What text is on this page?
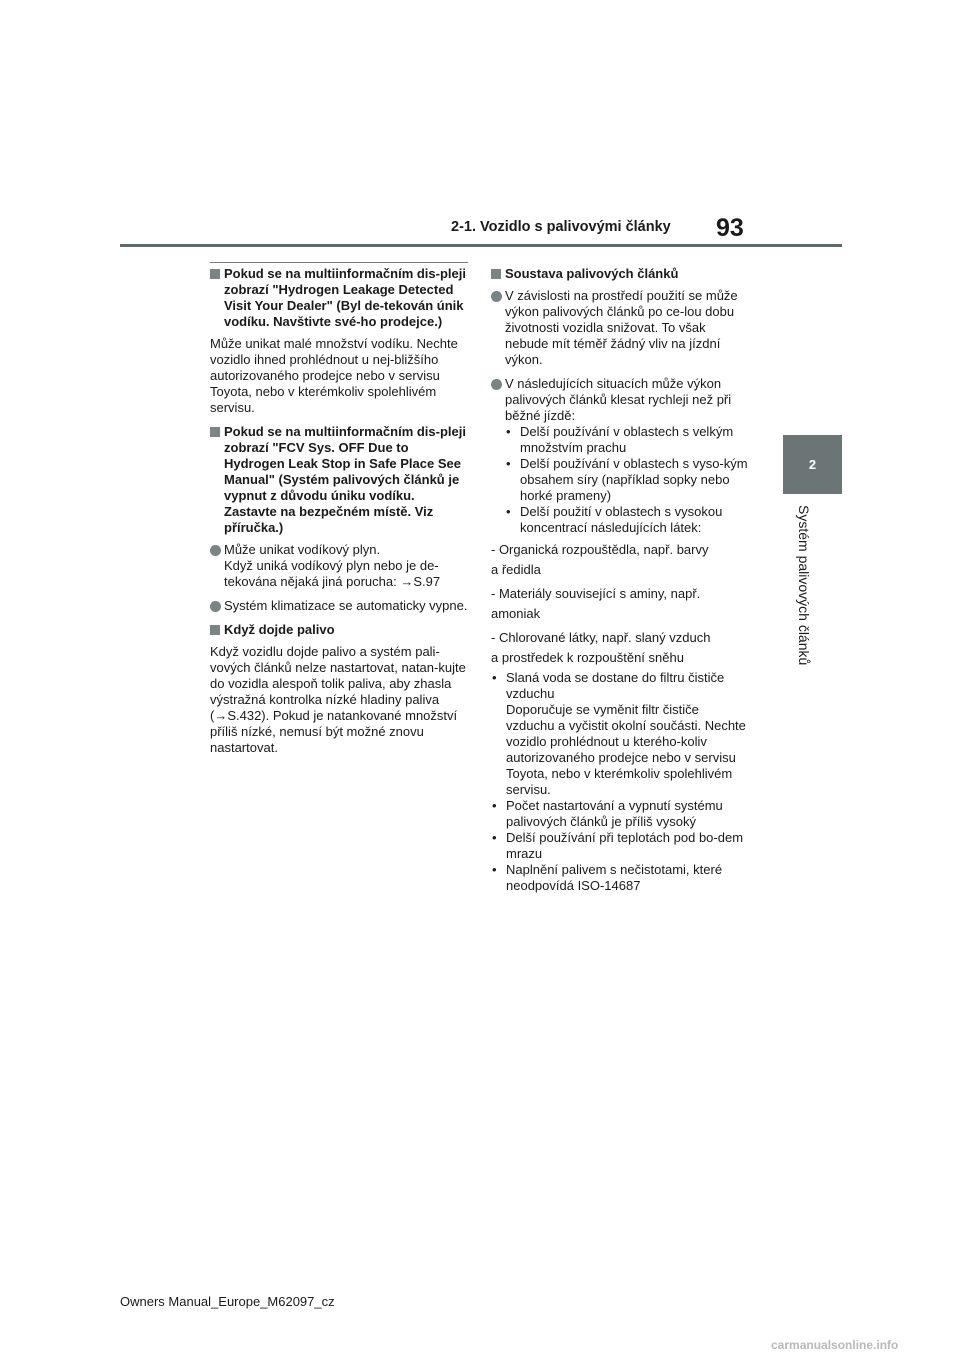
93
2-1. Vozidlo s palivovými články
2
Systém palivových článků
Pokud se na multiinformačním dis-pleji zobrazí "Hydrogen Leakage Detected Visit Your Dealer" (Byl de-tekován únik vodíku. Navštivte své-ho prodejce.)
Může unikat malé množství vodíku. Nechte vozidlo ihned prohlédnout u nej-bližšího autorizovaného prodejce nebo v servisu Toyota, nebo v kterémkoliv spolehlivém servisu.
Pokud se na multiinformačním dis-pleji zobrazí "FCV Sys. OFF Due to Hydrogen Leak Stop in Safe Place See Manual" (Systém palivových článků je vypnut z důvodu úniku vodíku. Zastavte na bezpečném místě. Viz příručka.)
Může unikat vodíkový plyn.
Když uniká vodíkový plyn nebo je de-tekována nějaká jiná porucha: →S.97
Systém klimatizace se automaticky vypne.
Když dojde palivo
Když vozidlu dojde palivo a systém pali-vových článků nelze nastartovat, natan-kujte do vozidla alespoň tolik paliva, aby zhasla výstražná kontrolka nízké hladiny paliva (→S.432). Pokud je natankované množství příliš nízké, nemusí být možné znovu nastartovat.
Soustava palivových článků
V závislosti na prostředí použití se může výkon palivových článků po ce-lou dobu životnosti vozidla snižovat. To však nebude mít téměř žádný vliv na jízdní výkon.
V následujících situacích může výkon palivových článků klesat rychleji než při běžné jízdě:
• Delší používání v oblastech s velkým množstvím prachu
• Delší používání v oblastech s vyso-kým obsahem síry (například sopky nebo horké prameny)
• Delší použití v oblastech s vysokou koncentrací následujících látek:
- Organická rozpouštědla, např. barvy
a ředidla
- Materiály související s aminy, např.
amoniak
- Chlorované látky, např. slaný vzduch
a prostředek k rozpouštění sněhu
• Slaná voda se dostane do filtru čističe vzduchu
Doporučuje se vyměnit filtr čističe vzduchu a vyčistit okolní součásti. Nechte vozidlo prohlédnout u kterého-koliv autorizovaného prodejce nebo v servisu Toyota, nebo v kterémkoliv spolehlivém servisu.
• Počet nastartování a vypnutí systému palivových článků je příliš vysoký
• Delší používání při teplotách pod bo-dem mrazu
• Naplnění palivem s nečistotami, které neodpovídá ISO-14687
Owners Manual_Europe_M62097_cz
carmanualsonline.info
